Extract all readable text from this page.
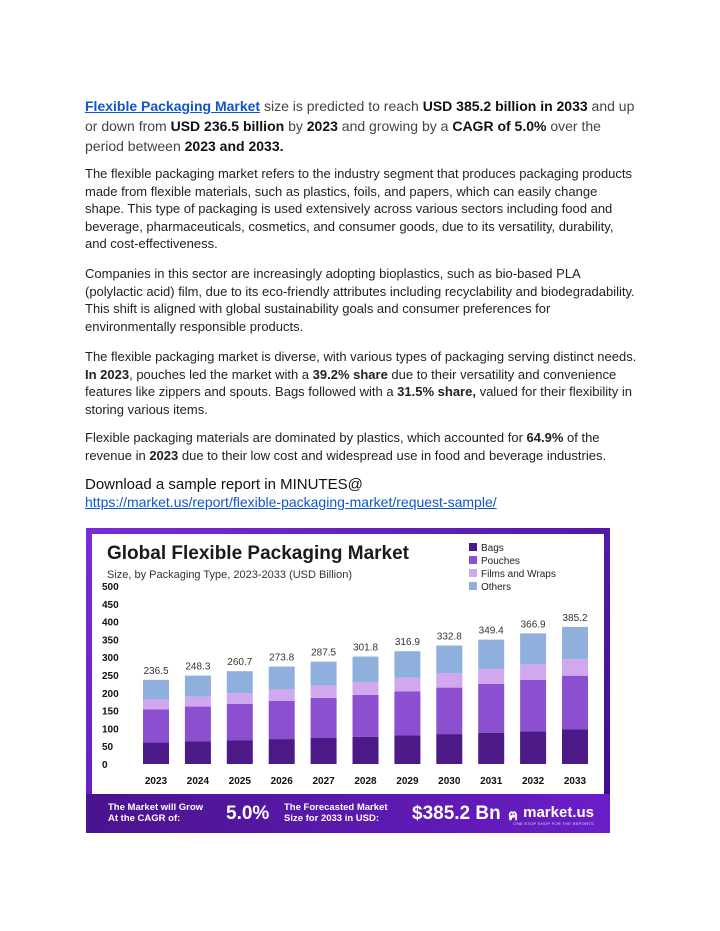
Flexible Packaging Market size is predicted to reach USD 385.2 billion in 2033 and up or down from USD 236.5 billion by 2023 and growing by a CAGR of 5.0% over the period between 2023 and 2033.

The flexible packaging market refers to the industry segment that produces packaging products made from flexible materials, such as plastics, foils, and papers, which can easily change shape. This type of packaging is used extensively across various sectors including food and beverage, pharmaceuticals, cosmetics, and consumer goods, due to its versatility, durability, and cost-effectiveness.

Companies in this sector are increasingly adopting bioplastics, such as bio-based PLA (polylactic acid) film, due to its eco-friendly attributes including recyclability and biodegradability. This shift is aligned with global sustainability goals and consumer preferences for environmentally responsible products.

The flexible packaging market is diverse, with various types of packaging serving distinct needs. In 2023, pouches led the market with a 39.2% share due to their versatility and convenience features like zippers and spouts. Bags followed with a 31.5% share, valued for their flexibility in storing various items.

Flexible packaging materials are dominated by plastics, which accounted for 64.9% of the revenue in 2023 due to their low cost and widespread use in food and beverage industries.

Download a sample report in MINUTES@
https://market.us/report/flexible-packaging-market/request-sample/
Global Flexible Packaging Market
Size, by Packaging Type, 2023-2033 (USD Billion)
Bags
Pouches
Films and Wraps
Others
0
50
100
150
200
250
300
350
400
450
500
236.5 248.3 260.7 273.8 287.5 301.8 316.9
332.8
349.4
366.9
385.2
2023 2024 2025 2026 2027 2028 2029 2030 2031 2032 2033
The Market will Grow
At the CAGR of:	5.0% The Forecasted Market
Size for 2033 in USD:	$385.2 Bn ฅ market.us
ONE STOP SHOP FOR THE REPORTS
